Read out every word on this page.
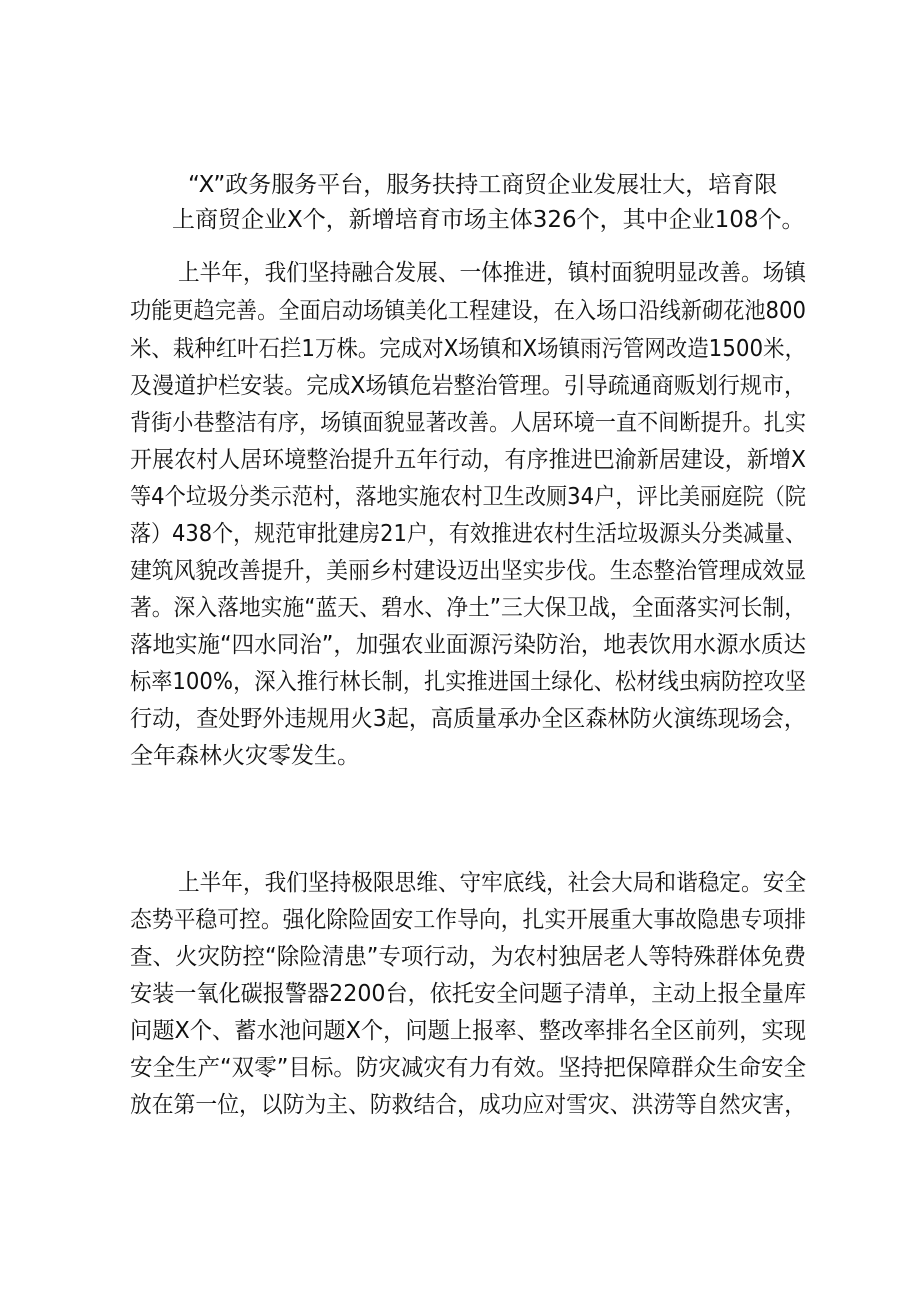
“X”政务服务平台，服务扶持工商贸企业发展壮大，培育限
上商贸企业X个，新增培育市场主体326个，其中企业108个。
上半年，我们坚持融合发展、一体推进，镇村面貌明显改善。场镇
功能更趋完善。全面启动场镇美化工程建设，在入场口沿线新砌花池800
米、栽种红叶石拦1万株。完成对X场镇和X场镇雨污管网改造1500米，
及漫道护栏安装。完成X场镇危岩整治管理。引导疏通商贩划行规市，
背街小巷整洁有序，场镇面貌显著改善。人居环境一直不间断提升。扎实
开展农村人居环境整治提升五年行动，有序推进巴渝新居建设，新增X
等4个垃圾分类示范村，落地实施农村卫生改厕34户，评比美丽庭院（院
落）438个，规范审批建房21户，有效推进农村生活垃圾源头分类减量、
建筑风貌改善提升，美丽乡村建设迈出坚实步伐。生态整治管理成效显
著。深入落地实施“蓝天、碧水、净土”三大保卫战，全面落实河长制，
落地实施“四水同治”，加强农业面源污染防治，地表饮用水源水质达
标率100%，深入推行林长制，扎实推进国土绿化、松材线虫病防控攻坚
行动，查处野外违规用火3起，高质量承办全区森林防火演练现场会，
全年森林火灾零发生。
上半年，我们坚持极限思维、守牢底线，社会大局和谐稳定。安全
态势平稳可控。强化除险固安工作导向，扎实开展重大事故隐患专项排
查、火灾防控“除险清患”专项行动，为农村独居老人等特殊群体免费
安装一氧化碳报警器2200台，依托安全问题子清单，主动上报全量库
问题X个、蓄水池问题X个，问题上报率、整改率排名全区前列，实现
安全生产“双零”目标。防灾减灾有力有效。坚持把保障群众生命安全
放在第一位，以防为主、防救结合，成功应对雪灾、洪涝等自然灾害，
